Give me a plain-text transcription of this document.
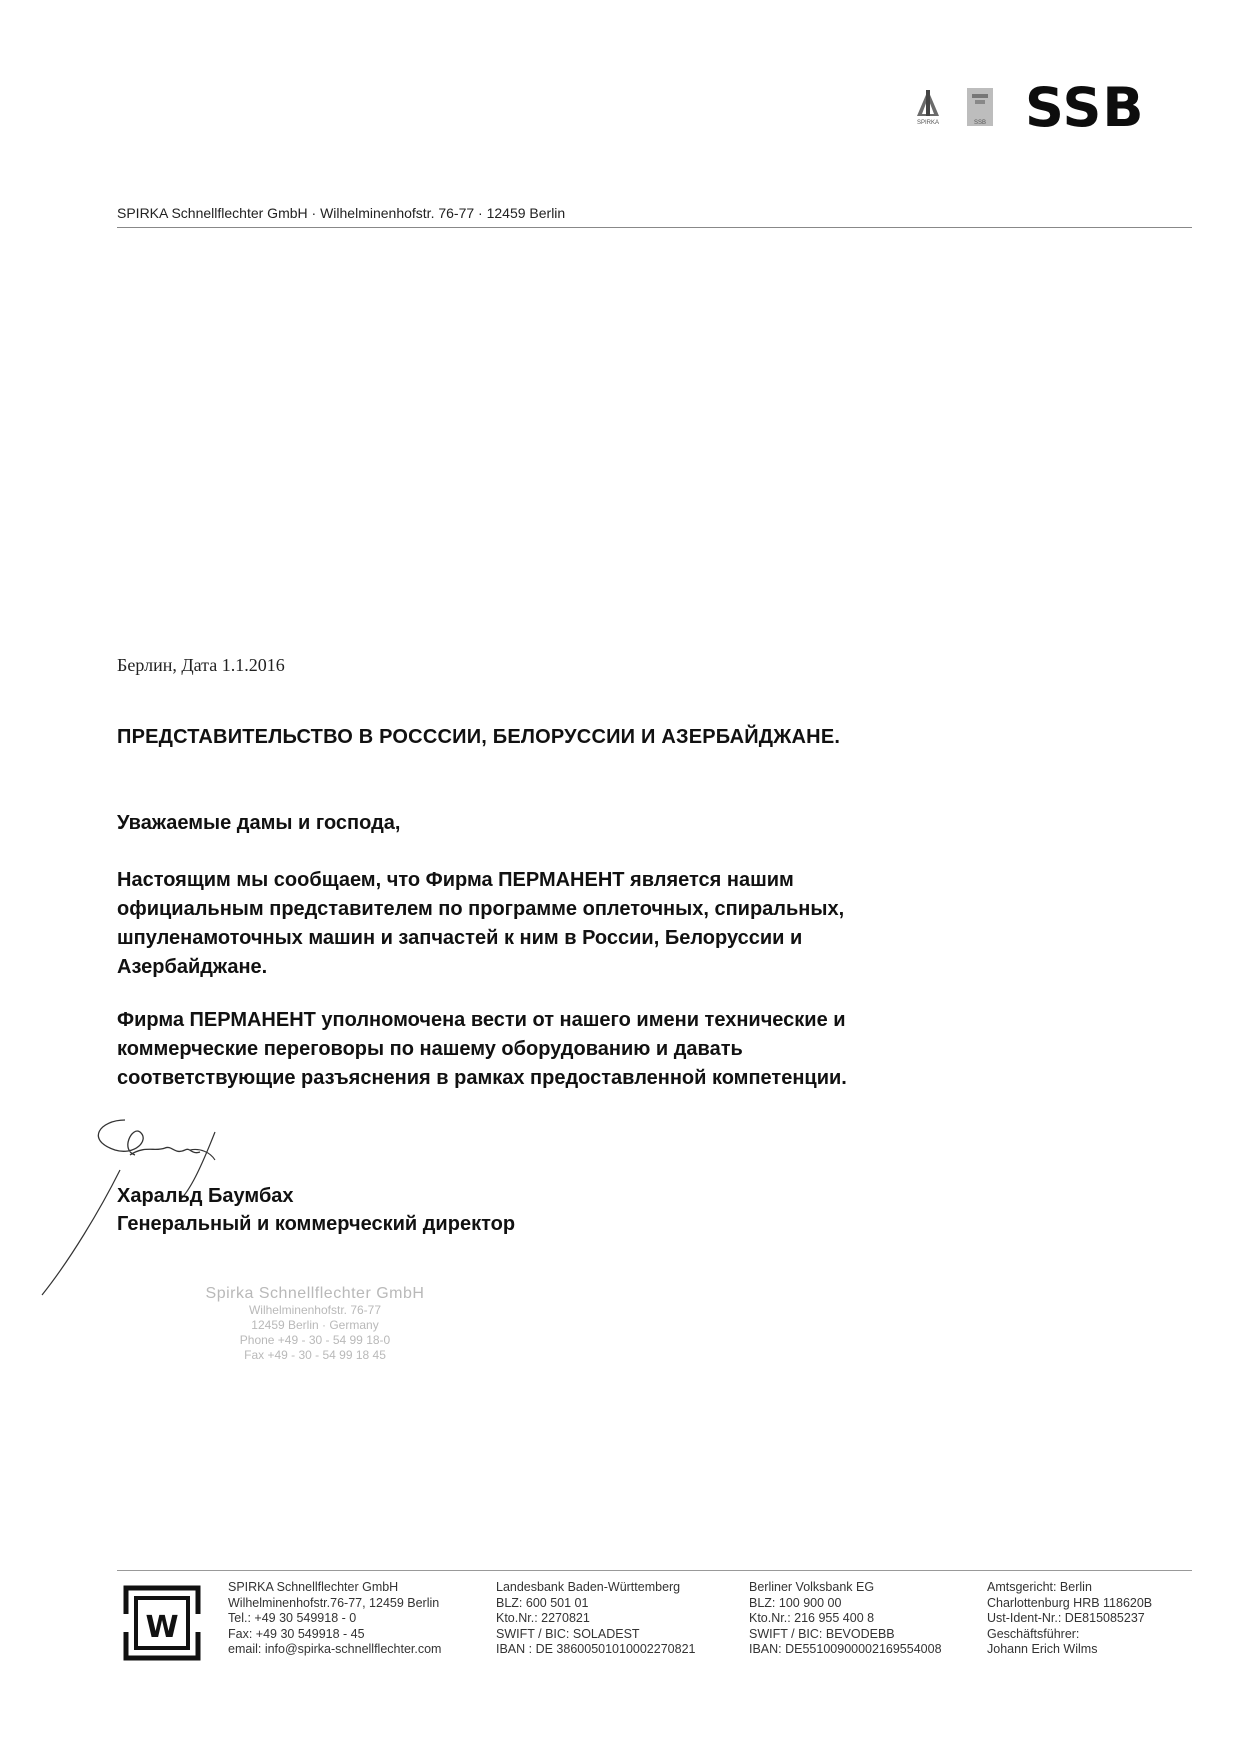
SPIRKA	SSB SSB
SPIRKA Schnellflechter GmbH · Wilhelminenhofstr. 76-77 · 12459 Berlin
Берлин, Дата 1.1.2016
ПРЕДСТАВИТЕЛЬСТВО В РОСССИИ, БЕЛОРУССИИ И АЗЕРБАЙДЖАНЕ.
Уважаемые дамы и господа,
Настоящим мы сообщаем, что Фирма ПЕРМАНЕНТ является нашим
официальным представителем по программе оплеточных, спиральных,
шпуленамоточных машин и запчастей к ним в России, Белоруссии и
Азербайджане.
Фирма ПЕРМАНЕНТ уполномочена вести от нашего имени технические и
коммерческие переговоры по нашему оборудованию и давать
соответствующие разъяснения в рамках предоставленной компетенции.
Харальд Баумбах
Генеральный и коммерческий директор
Spirka Schnellflechter GmbH
Wilhelminenhofstr. 76-77
12459 Berlin · Germany
Phone +49 - 30 - 54 99 18-0
Fax +49 - 30 - 54 99 18 45
W
SPIRKA Schnellflechter GmbH
Wilhelminenhofstr.76-77, 12459 Berlin
Tel.: +49 30 549918 - 0
Fax: +49 30 549918 - 45
email: info@spirka-schnellflechter.com
Landesbank Baden-Württemberg
BLZ: 600 501 01
Kto.Nr.: 2270821
SWIFT / BIC: SOLADEST
IBAN : DE 38600501010002270821
Berliner Volksbank EG
BLZ: 100 900 00
Kto.Nr.: 216 955 400 8
SWIFT / BIC: BEVODEBB
IBAN: DE55100900002169554008
Amtsgericht: Berlin
Charlottenburg HRB 118620B
Ust-Ident-Nr.: DE815085237
Geschäftsführer:
Johann Erich Wilms
